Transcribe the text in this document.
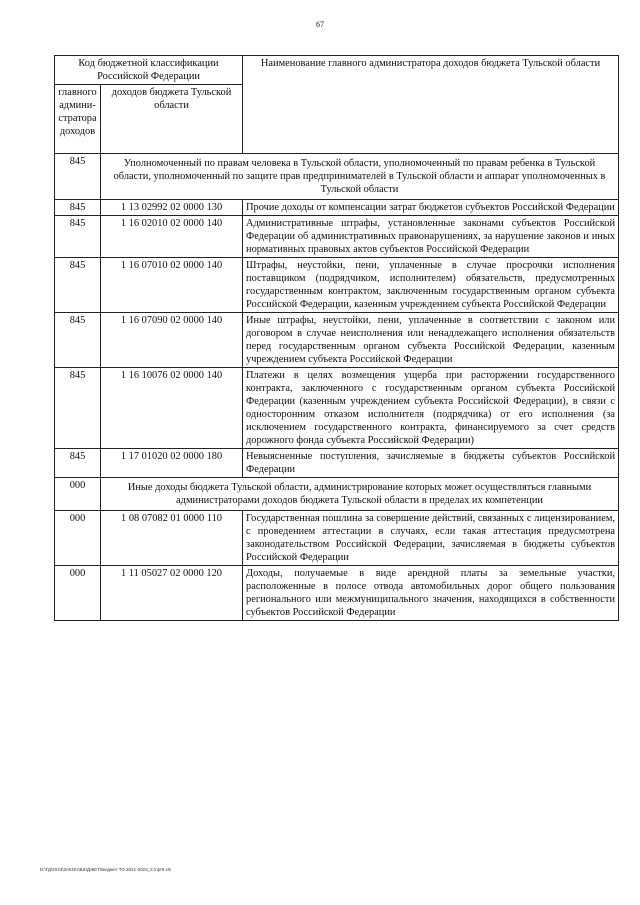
67
Код бюджетной классификации Российской Федерации		Наименование главного администратора доходов бюджета Тульской области
главного админи-стратора доходов	доходов бюджета Тульской области	
845	Уполномоченный по правам человека в Тульской области, уполномоченный по правам ребенка в Тульской области, уполномоченный по защите прав предпринимателей в Тульской области и аппарат уполномоченных в Тульской области	
845	1 13 02992 02 0000 130	Прочие доходы от компенсации затрат бюджетов субъектов Российской Федерации
845	1 16 02010 02 0000 140	Административные штрафы, установленные законами субъектов Российской Федерации об административных правонарушениях, за нарушение законов и иных нормативных правовых актов субъектов Российской Федерации
845	1 16 07010 02 0000 140	Штрафы, неустойки, пени, уплаченные в случае просрочки исполнения поставщиком (подрядчиком, исполнителем) обязательств, предусмотренных государственным контрактом, заключенным государственным органом субъекта Российской Федерации, казенным учреждением субъекта Российской Федерации
845	1 16 07090 02 0000 140	Иные штрафы, неустойки, пени, уплаченные в соответствии с законом или договором в случае неисполнения или ненадлежащего исполнения обязательств перед государственным органом субъекта Российской Федерации, казенным учреждением субъекта Российской Федерации
845	1 16 10076 02 0000 140	Платежи в целях возмещения ущерба при расторжении государственного контракта, заключенного с государственным органом субъекта Российской Федерации (казенным учреждением субъекта Российской Федерации), в связи с односторонним отказом исполнителя (подрядчика) от его исполнения (за исключением государственного контракта, финансируемого за счет средств дорожного фонда субъекта Российской Федерации)
845	1 17 01020 02 0000 180	Невыясненные поступления, зачисляемые в бюджеты субъектов Российской Федерации
000	Иные доходы бюджета Тульской области, администрирование которых может осуществляться главными администраторами доходов бюджета Тульской области в пределах их компетенции	
000	1 08 07082 01 0000 110	Государственная пошлина за совершение действий, связанных с лицензированием, с проведением аттестации в случаях, если такая аттестация предусмотрена законодательством Российской Федерации, зачисляемая в бюджеты субъектов Российской Федерации
000	1 11 05027 02 0000 120	Доходы, получаемые в виде арендной платы за земельные участки, расположенные в полосе отвода автомобильных дорог общего пользования регионального или межмуниципального значения, находящихся в собственности субъектов Российской Федерации
D:\ГД\2023\ЗАКОН\БЮДЖЕТ\Бюджет ТО 2021-2023_3 \r\pr9.xls
